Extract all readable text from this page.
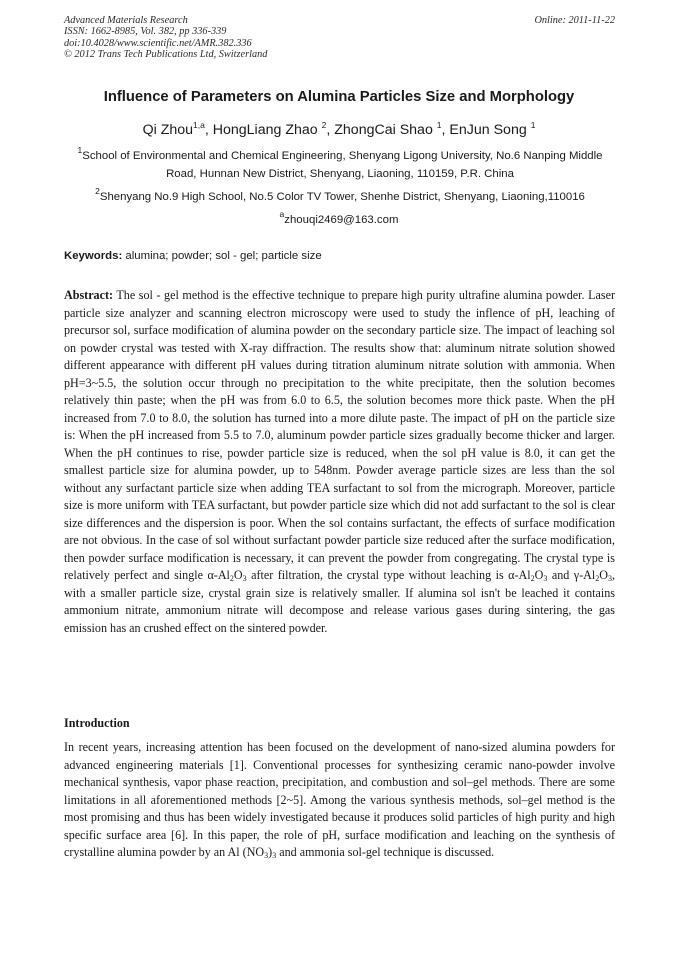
Advanced Materials Research
ISSN: 1662-8985, Vol. 382, pp 336-339
doi:10.4028/www.scientific.net/AMR.382.336
© 2012 Trans Tech Publications Ltd, Switzerland
Online: 2011-11-22
Influence of Parameters on Alumina Particles Size and Morphology
Qi Zhou$^{1,a}$, HongLiang Zhao $^2$, ZhongCai Shao $^1$, EnJun Song $^1$
$^1$School of Environmental and Chemical Engineering, Shenyang Ligong University, No.6 Nanping Middle Road, Hunnan New District, Shenyang, Liaoning, 110159, P.R. China
$^2$Shenyang No.9 High School, No.5 Color TV Tower, Shenhe District, Shenyang, Liaoning,110016
$^a$zhouqi2469@163.com
Keywords: alumina; powder; sol - gel; particle size

Abstract: The sol - gel method is the effective technique to prepare high purity ultrafine alumina powder. Laser particle size analyzer and scanning electron microscopy were used to study the inflence of pH, leaching of precursor sol, surface modification of alumina powder on the secondary particle size. The impact of leaching sol on powder crystal was tested with X-ray diffraction. The results show that: aluminum nitrate solution showed different appearance with different pH values during titration aluminum nitrate solution with ammonia. When pH=3~5.5, the solution occur through no precipitation to the white precipitate, then the solution becomes relatively thin paste; when the pH was from 6.0 to 6.5, the solution becomes more thick paste. When the pH increased from 7.0 to 8.0, the solution has turned into a more dilute paste. The impact of pH on the particle size is: When the pH increased from 5.5 to 7.0, aluminum powder particle sizes gradually become thicker and larger. When the pH continues to rise, powder particle size is reduced, when the sol pH value is 8.0, it can get the smallest particle size for alumina powder, up to 548nm. Powder average particle sizes are less than the sol without any surfactant particle size when adding TEA surfactant to sol from the micrograph. Moreover, particle size is more uniform with TEA surfactant, but powder particle size which did not add surfactant to the sol is clear size differences and the dispersion is poor. When the sol contains surfactant, the effects of surface modification are not obvious. In the case of sol without surfactant powder particle size reduced after the surface modification, then powder surface modification is necessary, it can prevent the powder from congregating. The crystal type is relatively perfect and single $\alpha-Al_2O_3$ after filtration, the crystal type without leaching is $\alpha-Al_2O_3$ and $\gamma-Al_2O_3$, with a smaller particle size, crystal grain size is relatively smaller. If alumina sol isn't be leached it contains ammonium nitrate, ammonium nitrate will decompose and release various gases during sintering, the gas emission has an crushed effect on the sintered powder.

Introduction

In recent years, increasing attention has been focused on the development of nano-sized alumina powders for advanced engineering materials [1]. Conventional processes for synthesizing ceramic nano-powder involve mechanical synthesis, vapor phase reaction, precipitation, and combustion and sol–gel methods. There are some limitations in all aforementioned methods [2~5]. Among the various synthesis methods, sol–gel method is the most promising and thus has been widely investigated because it produces solid particles of high purity and high specific surface area [6]. In this paper, the role of pH, surface modification and leaching on the synthesis of crystalline alumina powder by an Al $(NO_3)_3$ and ammonia sol-gel technique is discussed.
